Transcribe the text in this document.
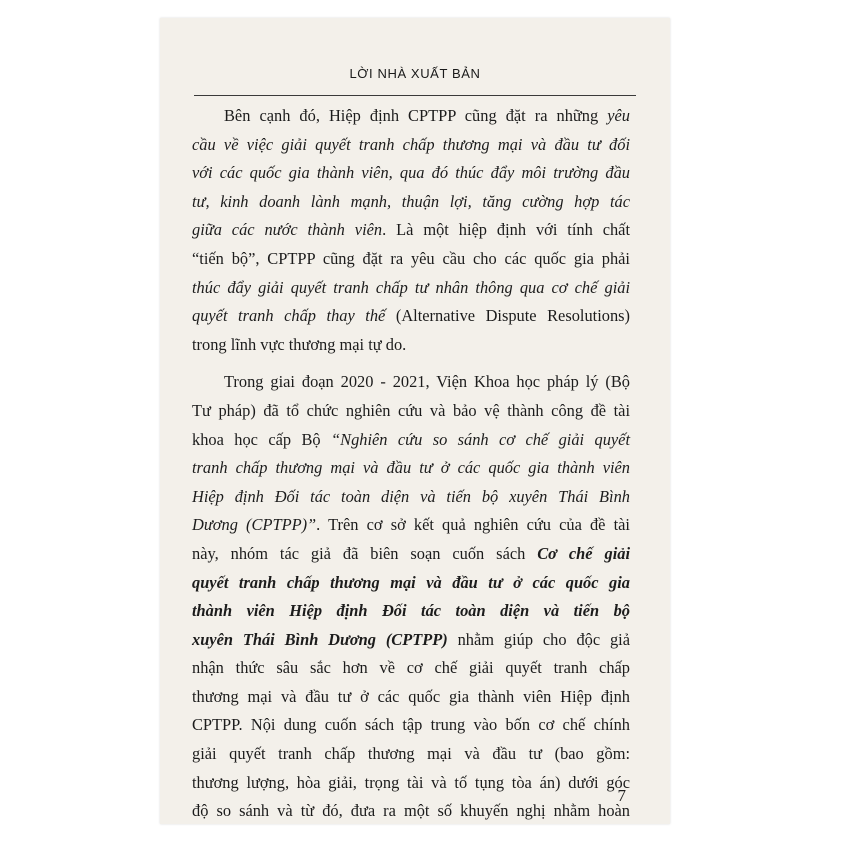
LỜI NHÀ XUẤT BẢN
Bên cạnh đó, Hiệp định CPTPP cũng đặt ra những yêu
cầu về việc giải quyết tranh chấp thương mại và đầu tư đối
với các quốc gia thành viên, qua đó thúc đẩy môi trường đầu
tư, kinh doanh lành mạnh, thuận lợi, tăng cường hợp tác
giữa các nước thành viên. Là một hiệp định với tính chất
“tiến bộ”, CPTPP cũng đặt ra yêu cầu cho các quốc gia phải
thúc đẩy giải quyết tranh chấp tư nhân thông qua cơ chế giải
quyết tranh chấp thay thế (Alternative Dispute Resolutions)
trong lĩnh vực thương mại tự do.
Trong giai đoạn 2020 - 2021, Viện Khoa học pháp lý (Bộ
Tư pháp) đã tổ chức nghiên cứu và bảo vệ thành công đề tài
khoa học cấp Bộ “Nghiên cứu so sánh cơ chế giải quyết
tranh chấp thương mại và đầu tư ở các quốc gia thành viên
Hiệp định Đối tác toàn diện và tiến bộ xuyên Thái Bình
Dương (CPTPP)”. Trên cơ sở kết quả nghiên cứu của đề tài
này, nhóm tác giả đã biên soạn cuốn sách Cơ chế giải
quyết tranh chấp thương mại và đầu tư ở các quốc gia
thành viên Hiệp định Đối tác toàn diện và tiến bộ
xuyên Thái Bình Dương (CPTPP) nhằm giúp cho độc giả
nhận thức sâu sắc hơn về cơ chế giải quyết tranh chấp
thương mại và đầu tư ở các quốc gia thành viên Hiệp định
CPTPP. Nội dung cuốn sách tập trung vào bốn cơ chế chính
giải quyết tranh chấp thương mại và đầu tư (bao gồm:
thương lượng, hòa giải, trọng tài và tố tụng tòa án) dưới góc
độ so sánh và từ đó, đưa ra một số khuyến nghị nhằm hoàn
7
